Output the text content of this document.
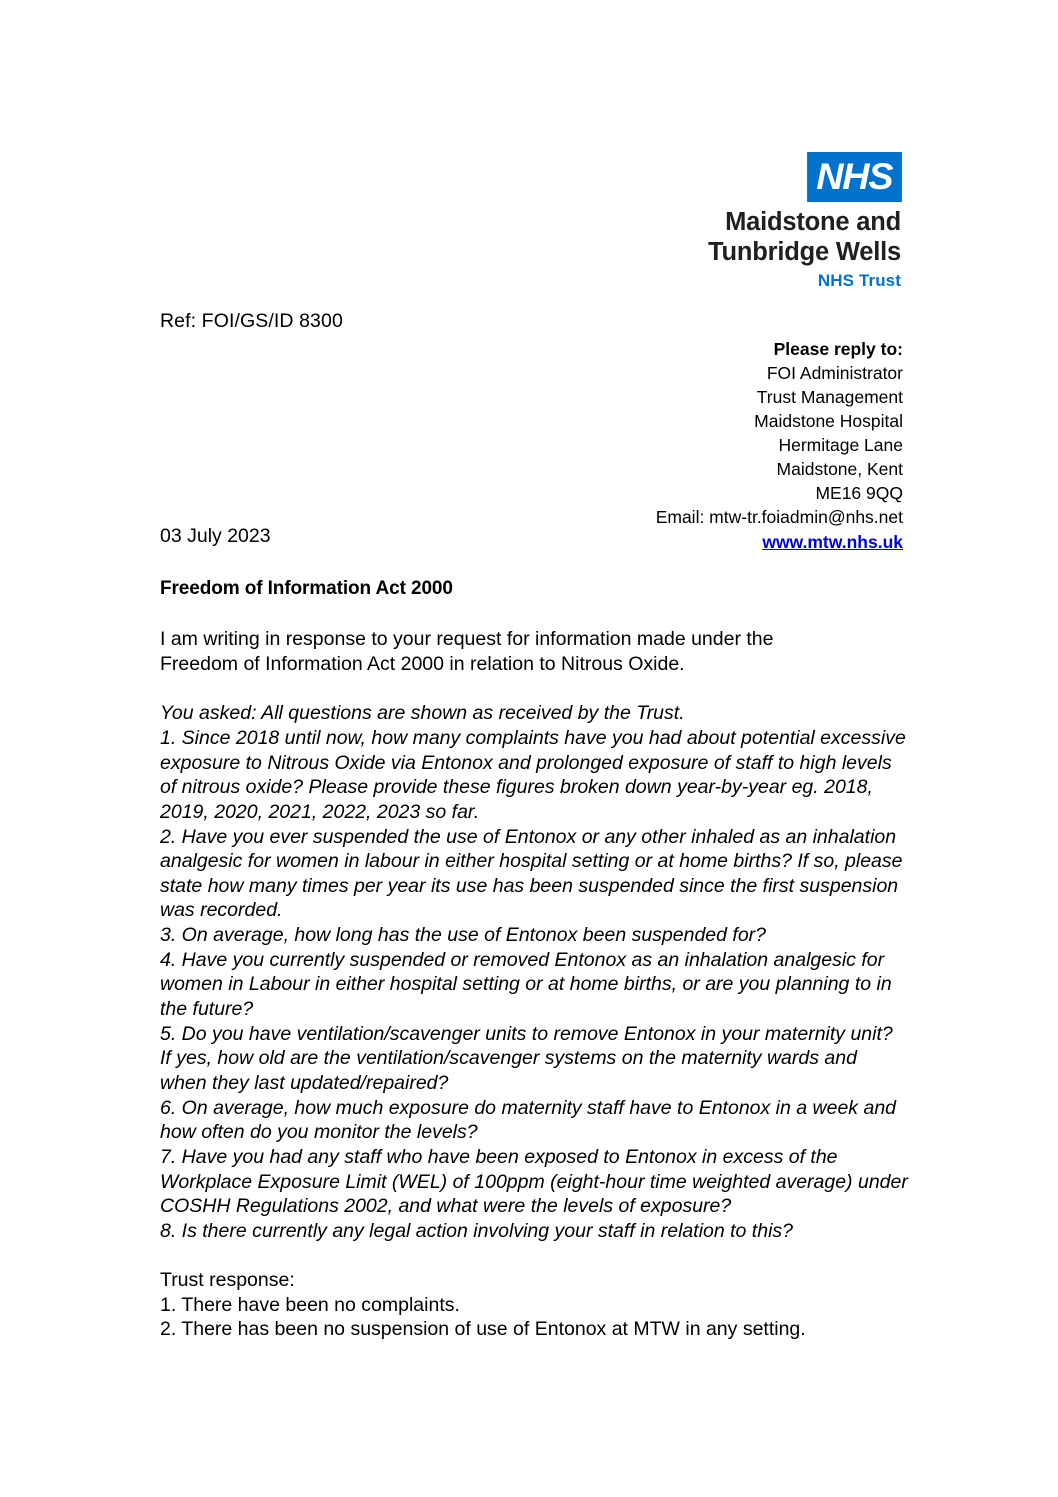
NHS
Maidstone and
Tunbridge Wells
NHS Trust
Ref: FOI/GS/ID 8300
Please reply to:
FOI Administrator
Trust Management
Maidstone Hospital
Hermitage Lane
Maidstone, Kent
ME16 9QQ
Email: mtw-tr.foiadmin@nhs.net
www.mtw.nhs.uk
03 July 2023
Freedom of Information Act 2000
I am writing in response to your request for information made under the
Freedom of Information Act 2000 in relation to Nitrous Oxide.

You asked: All questions are shown as received by the Trust.

1. Since 2018 until now, how many complaints have you had about potential excessive exposure to Nitrous Oxide via Entonox and prolonged exposure of staff to high levels of nitrous oxide? Please provide these figures broken down year-by-year eg. 2018, 2019, 2020, 2021, 2022, 2023 so far.

2. Have you ever suspended the use of Entonox or any other inhaled as an inhalation analgesic for women in labour in either hospital setting or at home births? If so, please state how many times per year its use has been suspended since the first suspension was recorded.

3. On average, how long has the use of Entonox been suspended for?

4. Have you currently suspended or removed Entonox as an inhalation analgesic for women in Labour in either hospital setting or at home births, or are you planning to in the future?

5. Do you have ventilation/scavenger units to remove Entonox in your maternity unit? If yes, how old are the ventilation/scavenger systems on the maternity wards and when they last updated/repaired?

6. On average, how much exposure do maternity staff have to Entonox in a week and how often do you monitor the levels?

7. Have you had any staff who have been exposed to Entonox in excess of the Workplace Exposure Limit (WEL) of 100ppm (eight-hour time weighted average) under COSHH Regulations 2002, and what were the levels of exposure?

8. Is there currently any legal action involving your staff in relation to this?

Trust response:

1. There have been no complaints.

2. There has been no suspension of use of Entonox at MTW in any setting.
